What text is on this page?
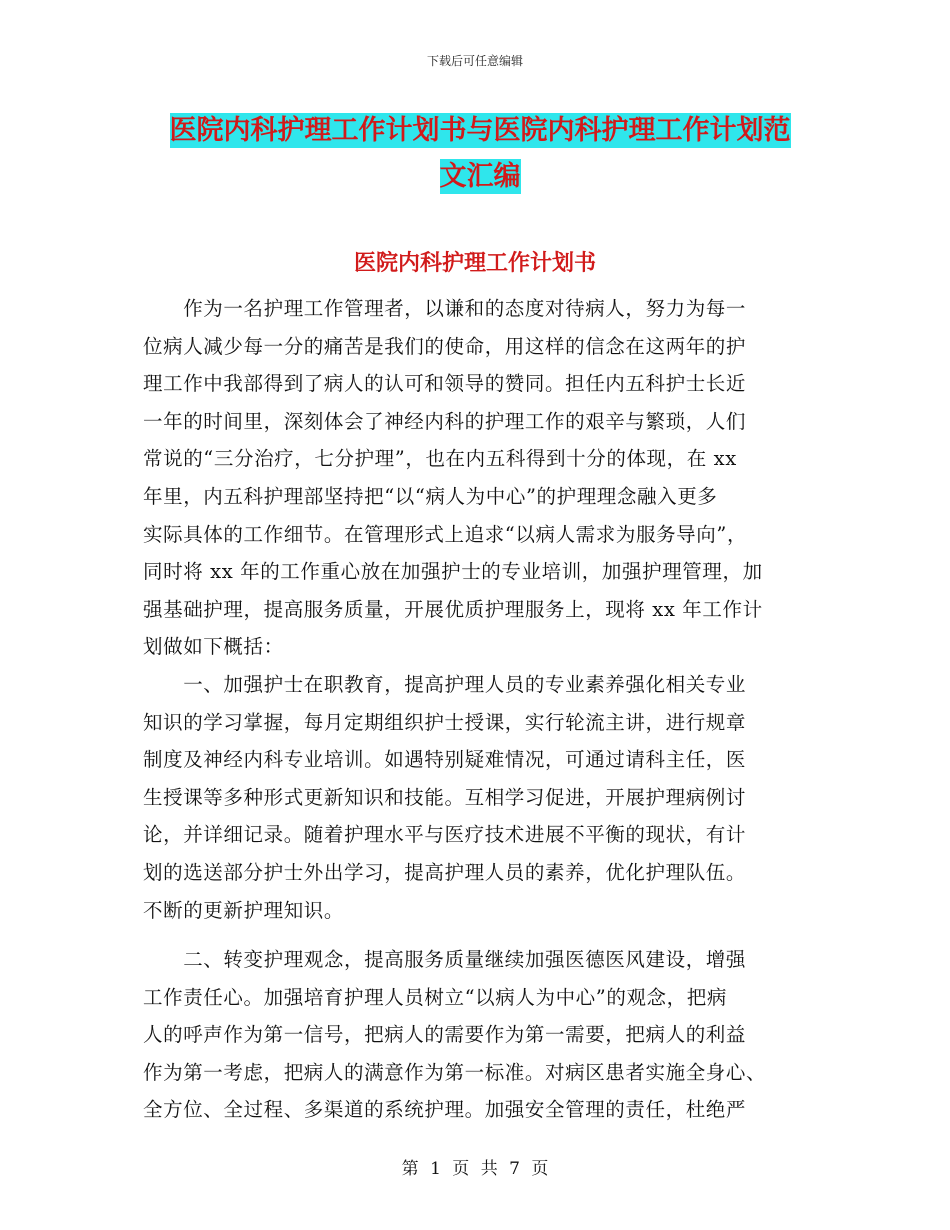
下载后可任意编辑
医院内科护理工作计划书与医院内科护理工作计划范
文汇编
医院内科护理工作计划书
　　作为一名护理工作管理者，以谦和的态度对待病人，努力为每一
位病人减少每一分的痛苦是我们的使命，用这样的信念在这两年的护
理工作中我部得到了病人的认可和领导的赞同。担任内五科护士长近
一年的时间里，深刻体会了神经内科的护理工作的艰辛与繁琐，人们
常说的“三分治疗，七分护理”，也在内五科得到十分的体现，在 xx
年里，内五科护理部坚持把“以“病人为中心”的护理理念融入更多
实际具体的工作细节。在管理形式上追求“以病人需求为服务导向”，
同时将 xx 年的工作重心放在加强护士的专业培训，加强护理管理，加
强基础护理，提高服务质量，开展优质护理服务上，现将 xx 年工作计
划做如下概括：
　　一、加强护士在职教育，提高护理人员的专业素养强化相关专业
知识的学习掌握，每月定期组织护士授课，实行轮流主讲，进行规章
制度及神经内科专业培训。如遇特别疑难情况，可通过请科主任，医
生授课等多种形式更新知识和技能。互相学习促进，开展护理病例讨
论，并详细记录。随着护理水平与医疗技术进展不平衡的现状，有计
划的选送部分护士外出学习，提高护理人员的素养，优化护理队伍。
不断的更新护理知识。
　　二、转变护理观念，提高服务质量继续加强医德医风建设，增强
工作责任心。加强培育护理人员树立“以病人为中心”的观念，把病
人的呼声作为第一信号，把病人的需要作为第一需要，把病人的利益
作为第一考虑，把病人的满意作为第一标准。对病区患者实施全身心、
全方位、全过程、多渠道的系统护理。加强安全管理的责任，杜绝严
第 1 页 共 7 页
